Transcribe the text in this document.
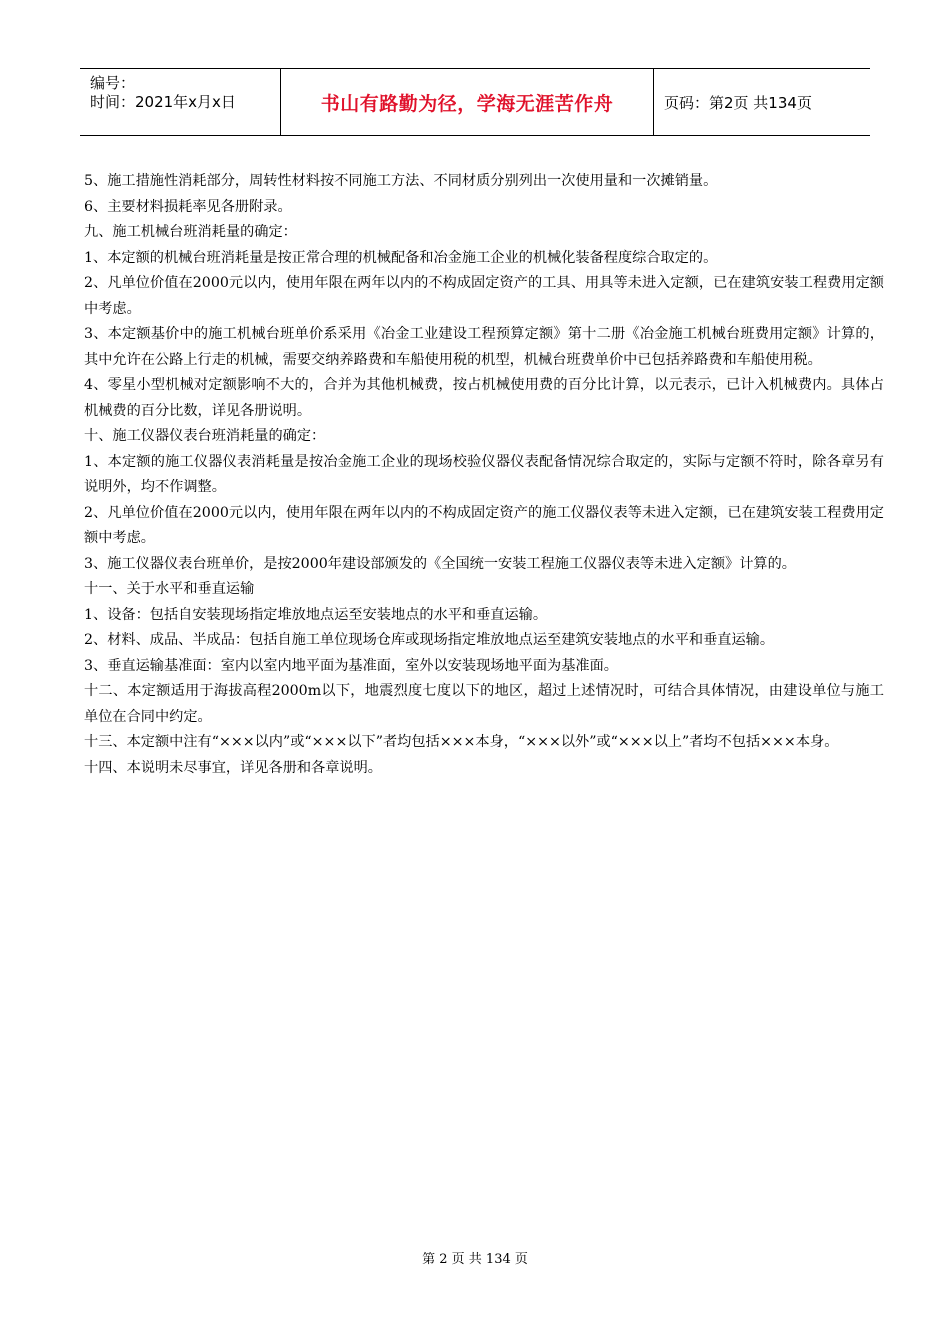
编号：
时间：2021年x月x日	书山有路勤为径，学海无涯苦作舟	页码：第2页 共134页

5、施工措施性消耗部分，周转性材料按不同施工方法、不同材质分别列出一次使用量和一次摊销量。

6、主要材料损耗率见各册附录。

九、施工机械台班消耗量的确定：

1、本定额的机械台班消耗量是按正常合理的机械配备和冶金施工企业的机械化装备程度综合取定的。

2、凡单位价值在2000元以内，使用年限在两年以内的不构成固定资产的工具、用具等未进入定额，已在建筑安装工程费用定额中考虑。

3、本定额基价中的施工机械台班单价系采用《冶金工业建设工程预算定额》第十二册《冶金施工机械台班费用定额》计算的，其中允许在公路上行走的机械，需要交纳养路费和车船使用税的机型，机械台班费单价中已包括养路费和车船使用税。

4、零星小型机械对定额影响不大的，合并为其他机械费，按占机械使用费的百分比计算，以元表示，已计入机械费内。具体占机械费的百分比数，详见各册说明。

十、施工仪器仪表台班消耗量的确定：

1、本定额的施工仪器仪表消耗量是按冶金施工企业的现场校验仪器仪表配备情况综合取定的，实际与定额不符时，除各章另有说明外，均不作调整。

2、凡单位价值在2000元以内，使用年限在两年以内的不构成固定资产的施工仪器仪表等未进入定额，已在建筑安装工程费用定额中考虑。

3、施工仪器仪表台班单价，是按2000年建设部颁发的《全国统一安装工程施工仪器仪表等未进入定额》计算的。

十一、关于水平和垂直运输

1、设备：包括自安装现场指定堆放地点运至安装地点的水平和垂直运输。

2、材料、成品、半成品：包括自施工单位现场仓库或现场指定堆放地点运至建筑安装地点的水平和垂直运输。

3、垂直运输基准面：室内以室内地平面为基准面，室外以安装现场地平面为基准面。

十二、本定额适用于海拔高程2000m以下，地震烈度七度以下的地区，超过上述情况时，可结合具体情况，由建设单位与施工单位在合同中约定。

十三、本定额中注有“×××以内”或“×××以下”者均包括×××本身，“×××以外”或“×××以上”者均不包括×××本身。

十四、本说明未尽事宜，详见各册和各章说明。

第 2 页 共 134 页
